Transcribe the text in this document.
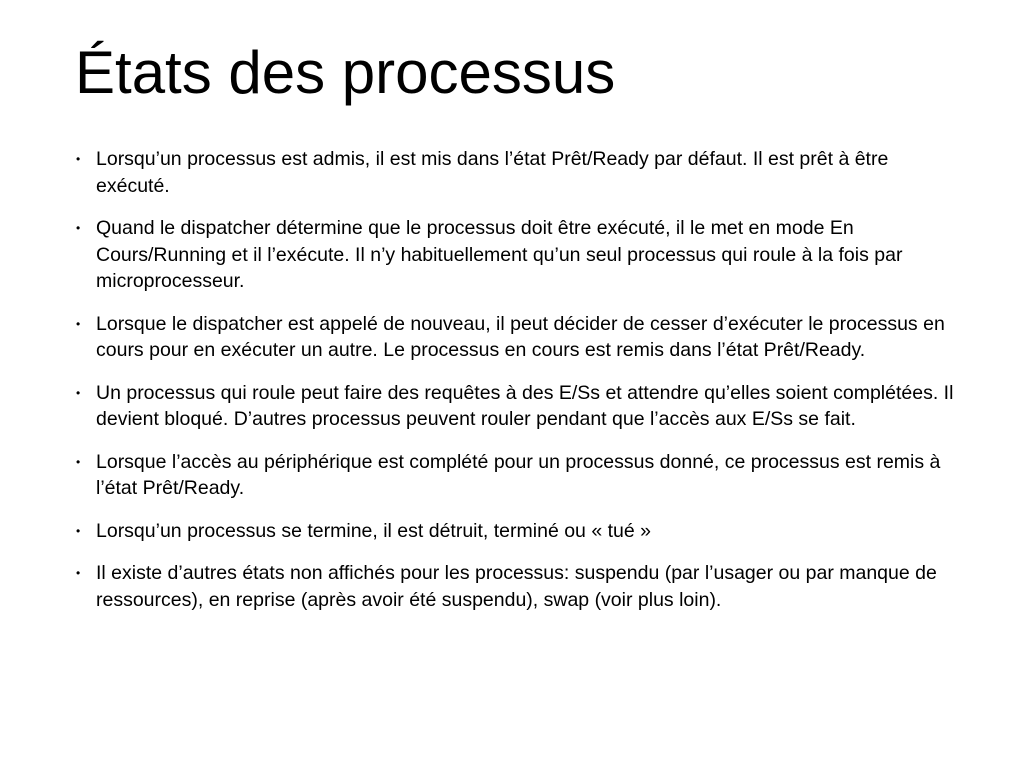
États des processus
• Lorsqu’un processus est admis, il est mis dans l’état Prêt/Ready par défaut. Il est prêt à être exécuté.
• Quand le dispatcher détermine que le processus doit être exécuté, il le met en mode En Cours/Running et il l’exécute. Il n’y habituellement qu’un seul processus qui roule à la fois par microprocesseur.
• Lorsque le dispatcher est appelé de nouveau, il peut décider de cesser d’exécuter le processus en cours pour en exécuter un autre. Le processus en cours est remis dans l’état Prêt/Ready.
• Un processus qui roule peut faire des requêtes à des E/Ss et attendre qu’elles soient complétées. Il devient bloqué. D’autres processus peuvent rouler pendant que l’accès aux E/Ss se fait.
• Lorsque l’accès au périphérique est complété pour un processus donné, ce processus est remis à l’état Prêt/Ready.
• Lorsqu’un processus se termine, il est détruit, terminé ou « tué »
• Il existe d’autres états non affichés pour les processus: suspendu (par l’usager ou par manque de ressources), en reprise (après avoir été suspendu), swap (voir plus loin).
